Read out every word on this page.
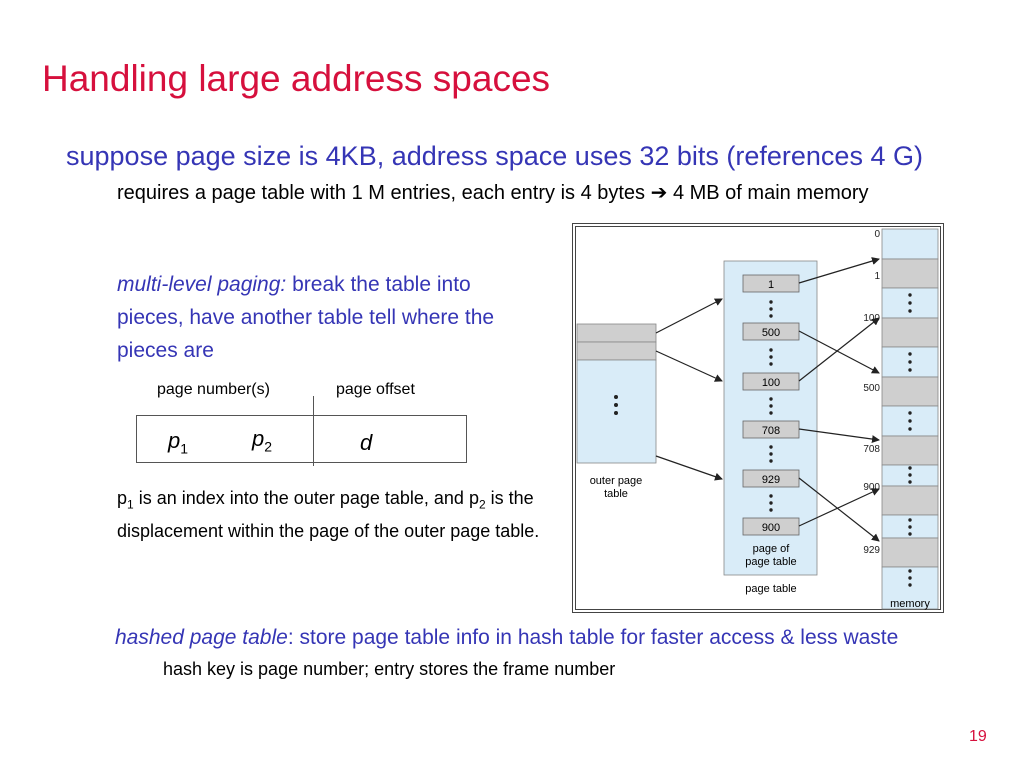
Handling large address spaces
suppose page size is 4KB, address space uses 32 bits (references 4 G)
requires a page table with 1 M entries, each entry is 4 bytes ➔ 4 MB of main memory
multi-level paging: break the table into pieces, have another table tell where the pieces are
page number(s)	page offset
$p_1$	$p_2$	d
$p_1$ is an index into the outer page table, and $p_2$ is the displacement within the page of the outer page table.
outer page
table
1
500
100
708
929
900
page of
page table
page table
memory
0
1
100
500
708
900
929
hashed page table: store page table info in hash table for faster access & less waste
hash key is page number; entry stores the frame number
19
